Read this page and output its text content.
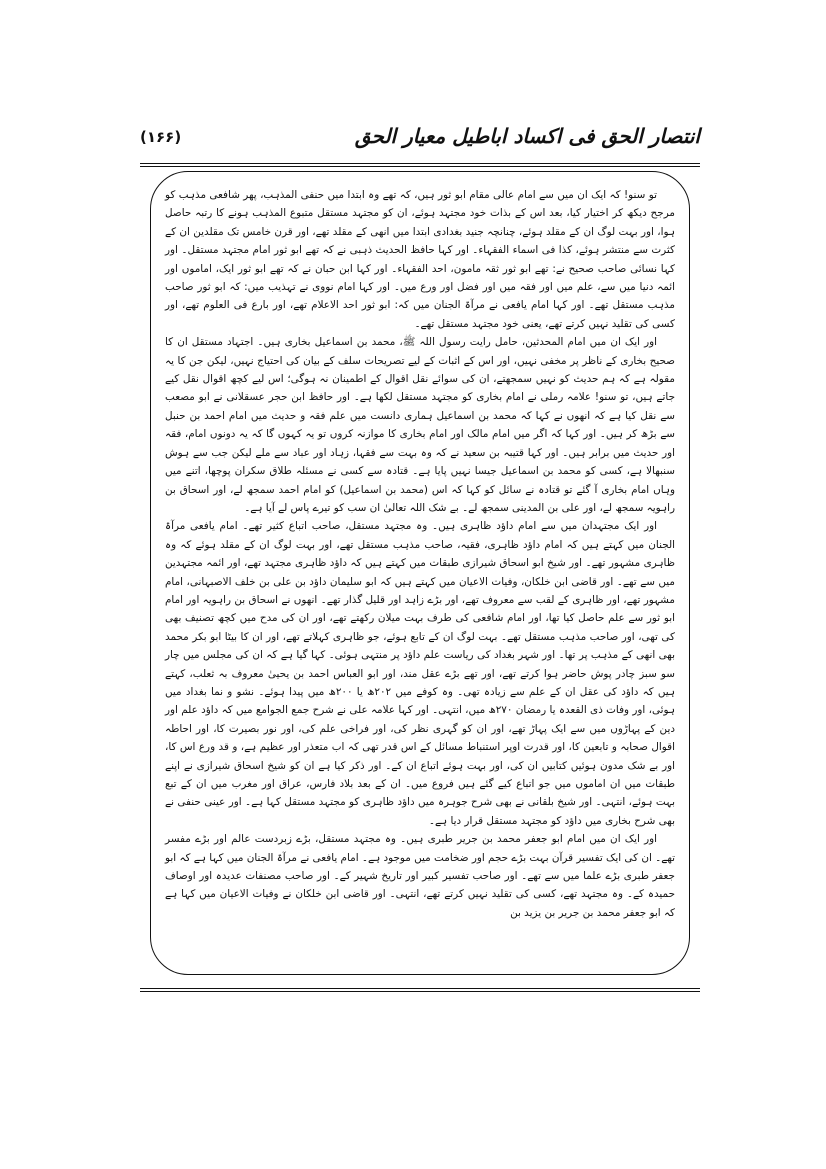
انتصار الحق فی اکساد اباطیل معیار الحق
(۱۶۶)

تو سنو! کہ ایک ان میں سے امام عالی مقام ابو ثور ہیں، کہ تھے وہ ابتدا میں حنفی المذہب، پھر شافعی مذہب کو مرجح دیکھ کر اختیار کیا، بعد اس کے بذات خود مجتہد ہوئے، ان کو مجتہد مستقل متبوع المذہب ہونے کا رتبہ حاصل ہوا، اور بہت لوگ ان کے مقلد ہوئے، چنانچہ جنید بغدادی ابتدا میں انھی کے مقلد تھے، اور قرن خامس تک مقلدین ان کے کثرت سے منتشر ہوئے، کذا فی اسماء الفقہاء۔ اور کہا حافظ الحدیث ذہبی نے کہ تھے ابو ثور امام مجتہد مستقل۔ اور کہا نسائی صاحب صحیح نے: تھے ابو ثور ثقہ مامون، احد الفقہاء۔ اور کہا ابن حبان نے کہ تھے ابو ثور ایک، اماموں اور ائمہ دنیا میں سے، علم میں اور فقہ میں اور فضل اور ورع میں۔ اور کہا امام نووی نے تہذیب میں: کہ ابو ثور صاحب مذہب مستقل تھے۔ اور کہا امام یافعی نے مرآۃ الجنان میں کہ: ابو ثور احد الاعلام تھے، اور بارع فی العلوم تھے، اور کسی کی تقلید نہیں کرتے تھے، یعنی خود مجتہد مستقل تھے۔

اور ایک ان میں امام المحدثین، حامل رایت رسول اللہ ﷺ، محمد بن اسماعیل بخاری ہیں۔ اجتہاد مستقل ان کا صحیح بخاری کے ناظر پر مخفی نہیں، اور اس کے اثبات کے لیے تصریحات سلف کے بیان کی احتیاج نہیں، لیکن جن کا یہ مقولہ ہے کہ ہم حدیث کو نہیں سمجھتے، ان کی سوائے نقل اقوال کے اطمینان نہ ہوگی؛ اس لیے کچھ اقوال نقل کیے جاتے ہیں، تو سنو! علامہ رملی نے امام بخاری کو مجتہد مستقل لکھا ہے۔ اور حافظ ابن حجر عسقلانی نے ابو مصعب سے نقل کیا ہے کہ انھوں نے کہا کہ محمد بن اسماعیل ہماری دانست میں علم فقہ و حدیث میں امام احمد بن حنبل سے بڑھ کر ہیں۔ اور کہا کہ اگر میں امام مالک اور امام بخاری کا موازنہ کروں تو یہ کہوں گا کہ یہ دونوں امام، فقہ اور حدیث میں برابر ہیں۔ اور کہا قتیبہ بن سعید نے کہ وہ بہت سے فقہا، زہاد اور عباد سے ملے لیکن جب سے ہوش سنبھالا ہے، کسی کو محمد بن اسماعیل جیسا نہیں پایا ہے۔ قتادہ سے کسی نے مسئلہ طلاق سکران پوچھا، اتنے میں وہاں امام بخاری آ گئے تو قتادہ نے سائل کو کہا کہ اس (محمد بن اسماعیل) کو امام احمد سمجھ لے، اور اسحاق بن راہویہ سمجھ لے، اور علی بن المدینی سمجھ لے۔ بے شک اللہ تعالیٰ ان سب کو تیرے پاس لے آیا ہے۔

اور ایک مجتہدان میں سے امام داؤد ظاہری ہیں۔ وہ مجتہد مستقل، صاحب اتباع کثیر تھے۔ امام یافعی مرآۃ الجنان میں کہتے ہیں کہ امام داؤد ظاہری، فقیہ، صاحب مذہب مستقل تھے، اور بہت لوگ ان کے مقلد ہوئے کہ وہ ظاہری مشہور تھے۔ اور شیخ ابو اسحاق شیرازی طبقات میں کہتے ہیں کہ داؤد ظاہری مجتہد تھے، اور ائمہ مجتہدین میں سے تھے۔ اور قاضی ابن خلکان، وفیات الاعیان میں کہتے ہیں کہ ابو سلیمان داؤد بن علی بن خلف الاصبہانی، امام مشہور تھے، اور ظاہری کے لقب سے معروف تھے، اور بڑے زاہد اور قلیل گذار تھے۔ انھوں نے اسحاق بن راہویہ اور امام ابو ثور سے علم حاصل کیا تھا، اور امام شافعی کی طرف بہت میلان رکھتے تھے، اور ان کی مدح میں کچھ تصنیف بھی کی تھی، اور صاحب مذہب مستقل تھے۔ بہت لوگ ان کے تابع ہوئے، جو ظاہری کہلاتے تھے، اور ان کا بیٹا ابو بکر محمد بھی انھی کے مذہب پر تھا۔ اور شہر بغداد کی ریاست علم داؤد پر منتہی ہوئی۔ کہا گیا ہے کہ ان کی مجلس میں چار سو سبز چادر پوش حاضر ہوا کرتے تھے، اور تھے بڑے عقل مند، اور ابو العباس احمد بن یحییٰ معروف بہ ثعلب، کہتے ہیں کہ داؤد کی عقل ان کے علم سے زیادہ تھی۔ وہ کوفے میں ۲۰۲ھ یا ۲۰۰ھ میں پیدا ہوئے۔ نشو و نما بغداد میں ہوئی، اور وفات ذی القعدہ یا رمضان ۲۷۰ھ میں، انتہی۔ اور کہا علامہ علی نے شرح جمع الجوامع میں کہ داؤد علم اور دین کے پہاڑوں میں سے ایک پہاڑ تھے، اور ان کو گہری نظر کی، اور فراخی علم کی، اور نور بصیرت کا، اور احاطہ اقوال صحابہ و تابعین کا، اور قدرت اوپر استنباط مسائل کے اس قدر تھی کہ اب متعذر اور عظیم ہے، و قد ورع اس کا، اور بے شک مدون ہوئیں کتابیں ان کی، اور بہت ہوئے اتباع ان کے۔ اور ذکر کیا ہے ان کو شیخ اسحاق شیرازی نے اپنے طبقات میں ان اماموں میں جو اتباع کیے گئے ہیں فروع میں۔ ان کے بعد بلاد فارس، عراق اور مغرب میں ان کے تبع بہت ہوئے، انتہی۔ اور شیخ بلقانی نے بھی شرح جوہرہ میں داؤد ظاہری کو مجتہد مستقل کہا ہے۔ اور عینی حنفی نے بھی شرح بخاری میں داؤد کو مجتہد مستقل قرار دیا ہے۔

اور ایک ان میں امام ابو جعفر محمد بن جریر طبری ہیں۔ وہ مجتہد مستقل، بڑے زبردست عالم اور بڑے مفسر تھے۔ ان کی ایک تفسیر قرآن بہت بڑے حجم اور ضخامت میں موجود ہے۔ امام یافعی نے مرآۃ الجنان میں کہا ہے کہ ابو جعفر طبری بڑے علما میں سے تھے۔ اور صاحب تفسیر کبیر اور تاریخ شہیر کے۔ اور صاحب مصنفات عدیدہ اور اوصاف حمیدہ کے۔ وہ مجتہد تھے، کسی کی تقلید نہیں کرتے تھے، انتہی۔ اور قاضی ابن خلکان نے وفیات الاعیان میں کہا ہے کہ ابو جعفر محمد بن جریر بن یزید بن
